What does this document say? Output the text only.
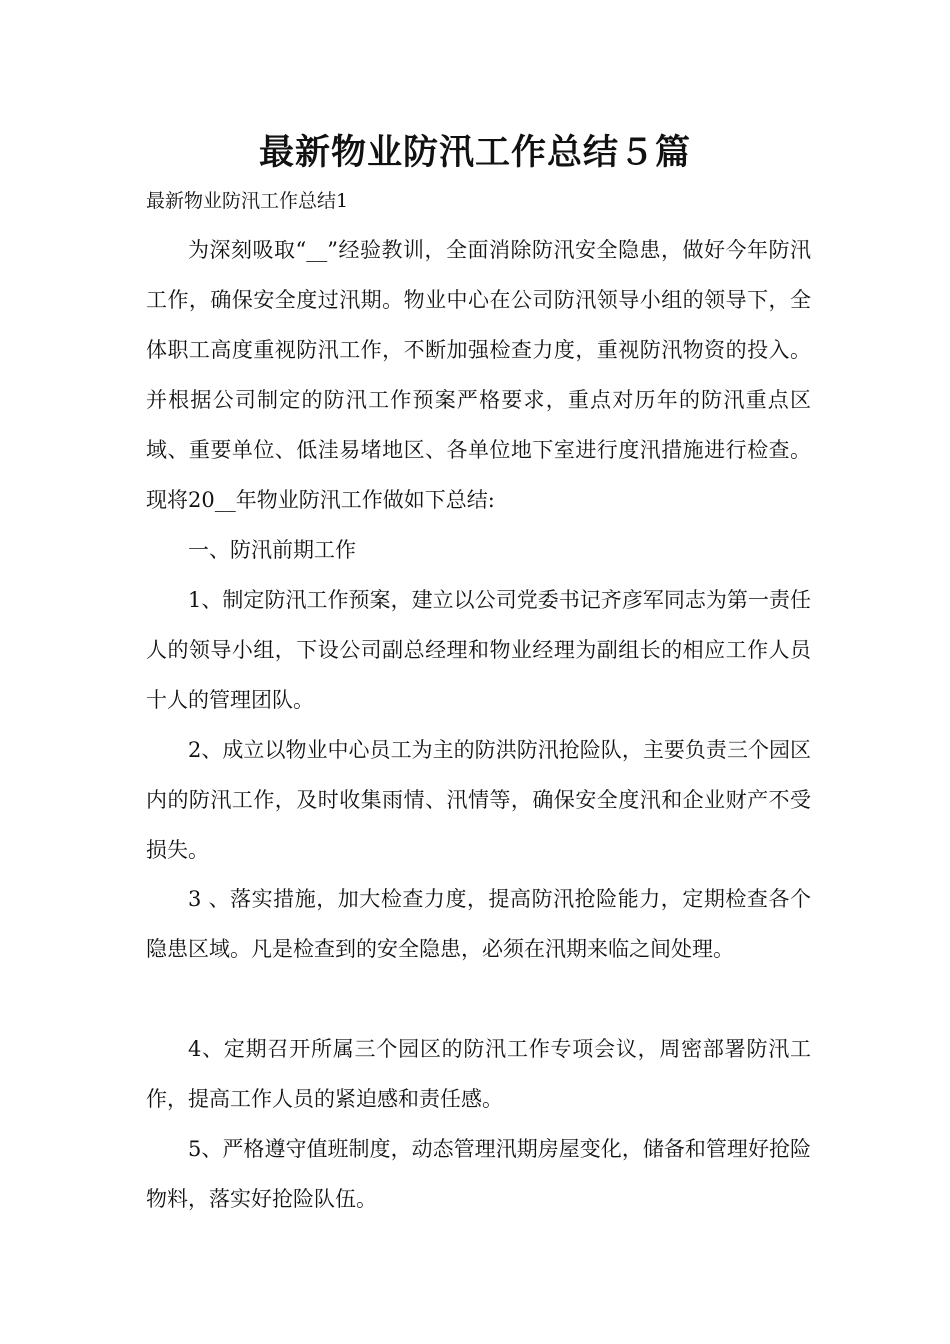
最新物业防汛工作总结５篇

最新物业防汛工作总结1

为深刻吸取“__”经验教训，全面消除防汛安全隐患，做好今年防汛工作，确保安全度过汛期。物业中心在公司防汛领导小组的领导下，全体职工高度重视防汛工作，不断加强检查力度，重视防汛物资的投入。并根据公司制定的防汛工作预案严格要求，重点对历年的防汛重点区域、重要单位、低洼易堵地区、各单位地下室进行度汛措施进行检查。现将20__年物业防汛工作做如下总结:

一、防汛前期工作

1、制定防汛工作预案，建立以公司党委书记齐彦军同志为第一责任人的领导小组，下设公司副总经理和物业经理为副组长的相应工作人员十人的管理团队。

2、成立以物业中心员工为主的防洪防汛抢险队，主要负责三个园区内的防汛工作，及时收集雨情、汛情等，确保安全度汛和企业财产不受损失。

3 、落实措施，加大检查力度，提高防汛抢险能力，定期检查各个隐患区域。凡是检查到的安全隐患，必须在汛期来临之间处理。

4、定期召开所属三个园区的防汛工作专项会议，周密部署防汛工作，提高工作人员的紧迫感和责任感。

5、严格遵守值班制度，动态管理汛期房屋变化，储备和管理好抢险物料，落实好抢险队伍。
